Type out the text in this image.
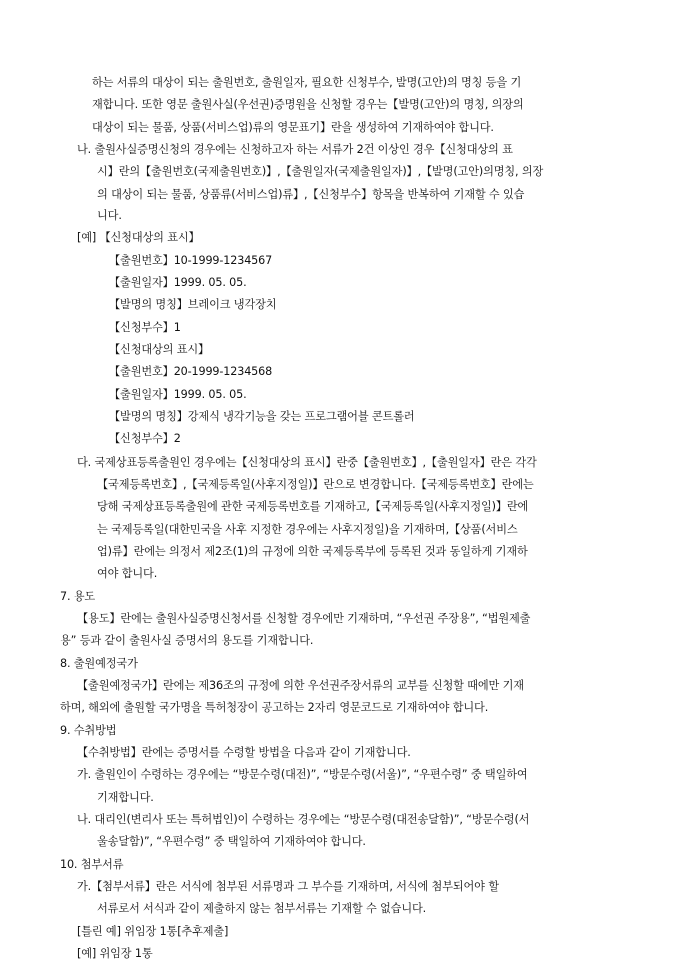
하는 서류의 대상이 되는 출원번호, 출원일자, 필요한 신청부수, 발명(고안)의 명칭 등을 기
재합니다. 또한 영문 출원사실(우선권)증명원을 신청할 경우는【발명(고안)의 명칭, 의장의
대상이 되는 물품, 상품(서비스업)류의 영문표기】란을 생성하여 기재하여야 합니다.
나. 출원사실증명신청의 경우에는 신청하고자 하는 서류가 2건 이상인 경우【신청대상의 표
시】란의【출원번호(국제출원번호)】,【출원일자(국제출원일자)】,【발명(고안)의명칭, 의장
의 대상이 되는 물품, 상품류(서비스업)류】,【신청부수】항목을 반복하여 기재할 수 있습
니다.
[예] 【신청대상의 표시】
【출원번호】10-1999-1234567
【출원일자】1999. 05. 05.
【발명의 명칭】브레이크 냉각장치
【신청부수】1
【신청대상의 표시】
【출원번호】20-1999-1234568
【출원일자】1999. 05. 05.
【발명의 명칭】강제식 냉각기능을 갖는 프로그램어블 콘트롤러
【신청부수】2
다. 국제상표등록출원인 경우에는【신청대상의 표시】란중【출원번호】,【출원일자】란은 각각
【국제등록번호】,【국제등록일(사후지정일)】란으로 변경합니다.【국제등록번호】란에는
당해 국제상표등록출원에 관한 국제등록번호를 기재하고,【국제등록일(사후지정일)】란에
는 국제등록일(대한민국을 사후 지정한 경우에는 사후지정일)을 기재하며,【상품(서비스
업)류】란에는 의정서 제2조(1)의 규정에 의한 국제등록부에 등록된 것과 동일하게 기재하
여야 합니다.
7. 용도
【용도】란에는 출원사실증명신청서를 신청할 경우에만 기재하며, “우선권 주장용”, “법원제출
용” 등과 같이 출원사실 증명서의 용도를 기재합니다.
8. 출원예정국가
【출원예정국가】란에는 제36조의 규정에 의한 우선권주장서류의 교부를 신청할 때에만 기재
하며, 해외에 출원할 국가명을 특허청장이 공고하는 2자리 영문코드로 기재하여야 합니다.
9. 수취방법
【수취방법】란에는 증명서를 수령할 방법을 다음과 같이 기재합니다.
가. 출원인이 수령하는 경우에는 “방문수령(대전)”, “방문수령(서울)”, “우편수령” 중 택일하여
기재합니다.
나. 대리인(변리사 또는 특허법인)이 수령하는 경우에는 “방문수령(대전송달함)”, “방문수령(서
울송달함)”, “우편수령” 중 택일하여 기재하여야 합니다.
10. 첨부서류
가.【첨부서류】란은 서식에 첨부된 서류명과 그 부수를 기재하며, 서식에 첨부되어야 할
서류로서 서식과 같이 제출하지 않는 첨부서류는 기재할 수 없습니다.
[틀린 예] 위임장 1통[추후제출]
[예] 위임장 1통
